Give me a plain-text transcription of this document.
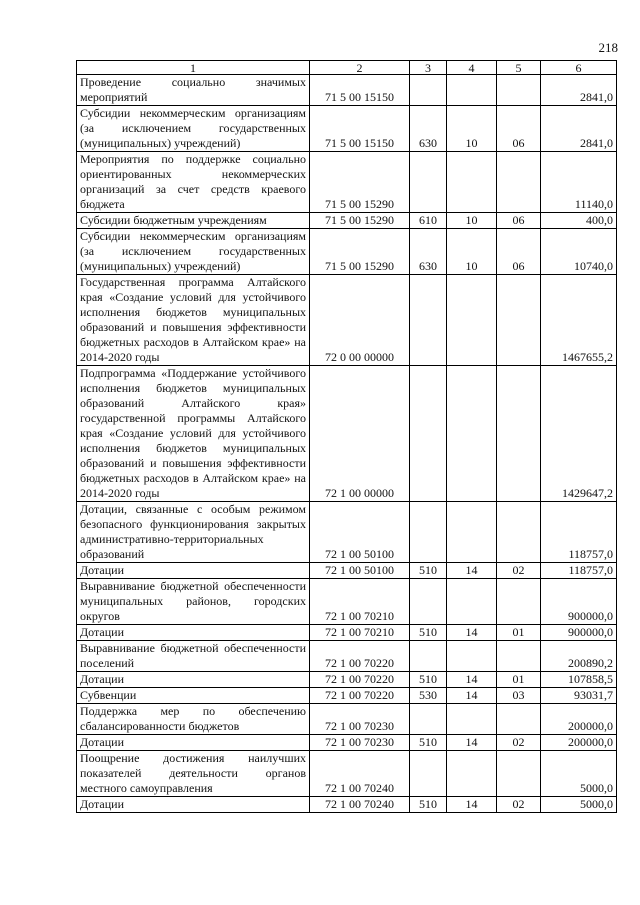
218
1	2	3	4	5	6
Проведение социально значимых мероприятий	71 5 00 15150				2841,0
Субсидии некоммерческим организациям (за исключением государственных (муниципальных) учреждений)	71 5 00 15150	630	10	06	2841,0
Мероприятия по поддержке социально ориентированных некоммерческих организаций за счет средств краевого бюджета	71 5 00 15290				11140,0
Субсидии бюджетным учреждениям	71 5 00 15290	610	10	06	400,0
Субсидии некоммерческим организациям (за исключением государственных (муниципальных) учреждений)	71 5 00 15290	630	10	06	10740,0
Государственная программа Алтайского края «Создание условий для устойчивого исполнения бюджетов муниципальных образований и повышения эффективности бюджетных расходов в Алтайском крае» на 2014-2020 годы	72 0 00 00000				1467655,2
Подпрограмма «Поддержание устойчивого исполнения бюджетов муниципальных образований Алтайского края» государственной программы Алтайского края «Создание условий для устойчивого исполнения бюджетов муниципальных образований и повышения эффективности бюджетных расходов в Алтайском крае» на 2014-2020 годы	72 1 00 00000				1429647,2
Дотации, связанные с особым режимом безопасного функционирования закрытых административно-территориальных образований	72 1 00 50100				118757,0
Дотации	72 1 00 50100	510	14	02	118757,0
Выравнивание бюджетной обеспеченности муниципальных районов, городских округов	72 1 00 70210				900000,0
Дотации	72 1 00 70210	510	14	01	900000,0
Выравнивание бюджетной обеспеченности поселений	72 1 00 70220				200890,2
Дотации	72 1 00 70220	510	14	01	107858,5
Субвенции	72 1 00 70220	530	14	03	93031,7
Поддержка мер по обеспечению сбалансированности бюджетов	72 1 00 70230				200000,0
Дотации	72 1 00 70230	510	14	02	200000,0
Поощрение достижения наилучших показателей деятельности органов местного самоуправления	72 1 00 70240				5000,0
Дотации	72 1 00 70240	510	14	02	5000,0
